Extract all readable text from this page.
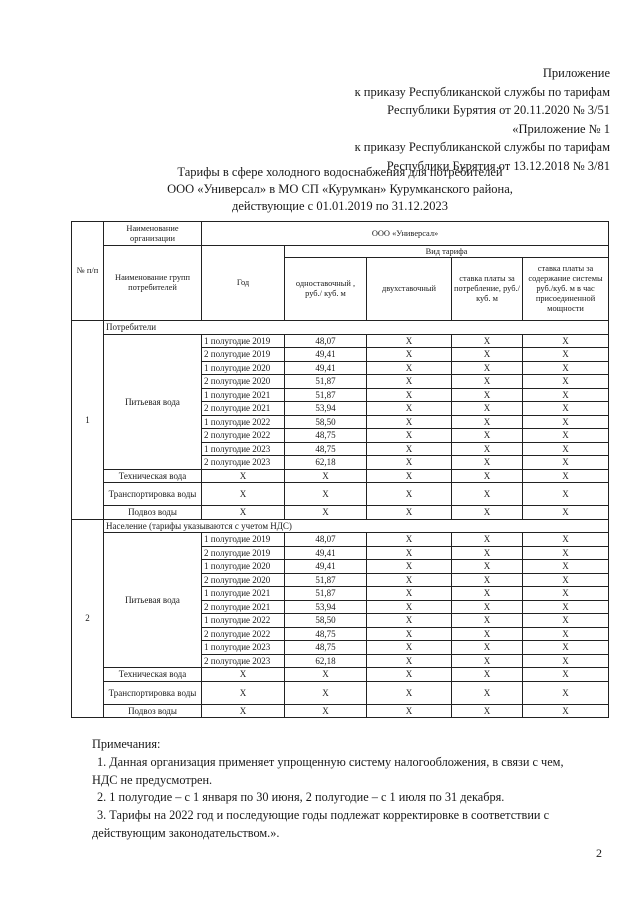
Приложение
к приказу Республиканской службы по тарифам
Республики Бурятия от 20.11.2020 № 3/51
«Приложение № 1
к приказу Республиканской службы по тарифам
Республики Бурятия от 13.12.2018 № 3/81
Тарифы в сфере холодного водоснабжения для потребителей
ООО «Универсал» в МО СП «Курумкан» Курумканского района,
действующие с 01.01.2019 по 31.12.2023
№ п/п	Наименование организации	ООО «Универсал»				
	Наименование групп потребителей	Год	Вид тарифа			
			одноставочный , руб./ куб. м	двухставочный	ставка платы за потребление, руб./ куб. м	ставка платы за содержание системы руб./куб. м в час присоединенной мощности
1	Потребители					
	Питьевая вода	1 полугодие 2019	48,07	X	X	X
		2 полугодие 2019	49,41	X	X	X
		1 полугодие 2020	49,41	X	X	X
		2 полугодие 2020	51,87	X	X	X
		1 полугодие 2021	51,87	X	X	X
		2 полугодие 2021	53,94	X	X	X
		1 полугодие 2022	58,50	X	X	X
		2 полугодие 2022	48,75	X	X	X
		1 полугодие 2023	48,75	X	X	X
		2 полугодие 2023	62,18	X	X	X
	Техническая вода	X	X	X	X	X
	Транспортировка воды	X	X	X	X	X
	Подвоз воды	X	X	X	X	X
2	Население (тарифы указываются с учетом НДС)					
	Питьевая вода	1 полугодие 2019	48,07	X	X	X
		2 полугодие 2019	49,41	X	X	X
		1 полугодие 2020	49,41	X	X	X
		2 полугодие 2020	51,87	X	X	X
		1 полугодие 2021	51,87	X	X	X
		2 полугодие 2021	53,94	X	X	X
		1 полугодие 2022	58,50	X	X	X
		2 полугодие 2022	48,75	X	X	X
		1 полугодие 2023	48,75	X	X	X
		2 полугодие 2023	62,18	X	X	X
	Техническая вода	X	X	X	X	X
	Транспортировка воды	X	X	X	X	X
	Подвоз воды	X	X	X	X	X

Примечания:

1. Данная организация применяет упрощенную систему налогообложения, в связи с чем, НДС не предусмотрен.

2. 1 полугодие – с 1 января по 30 июня, 2 полугодие – с 1 июля по 31 декабря.

3. Тарифы на 2022 год и последующие годы подлежат корректировке в соответствии с действующим законодательством.».

2
